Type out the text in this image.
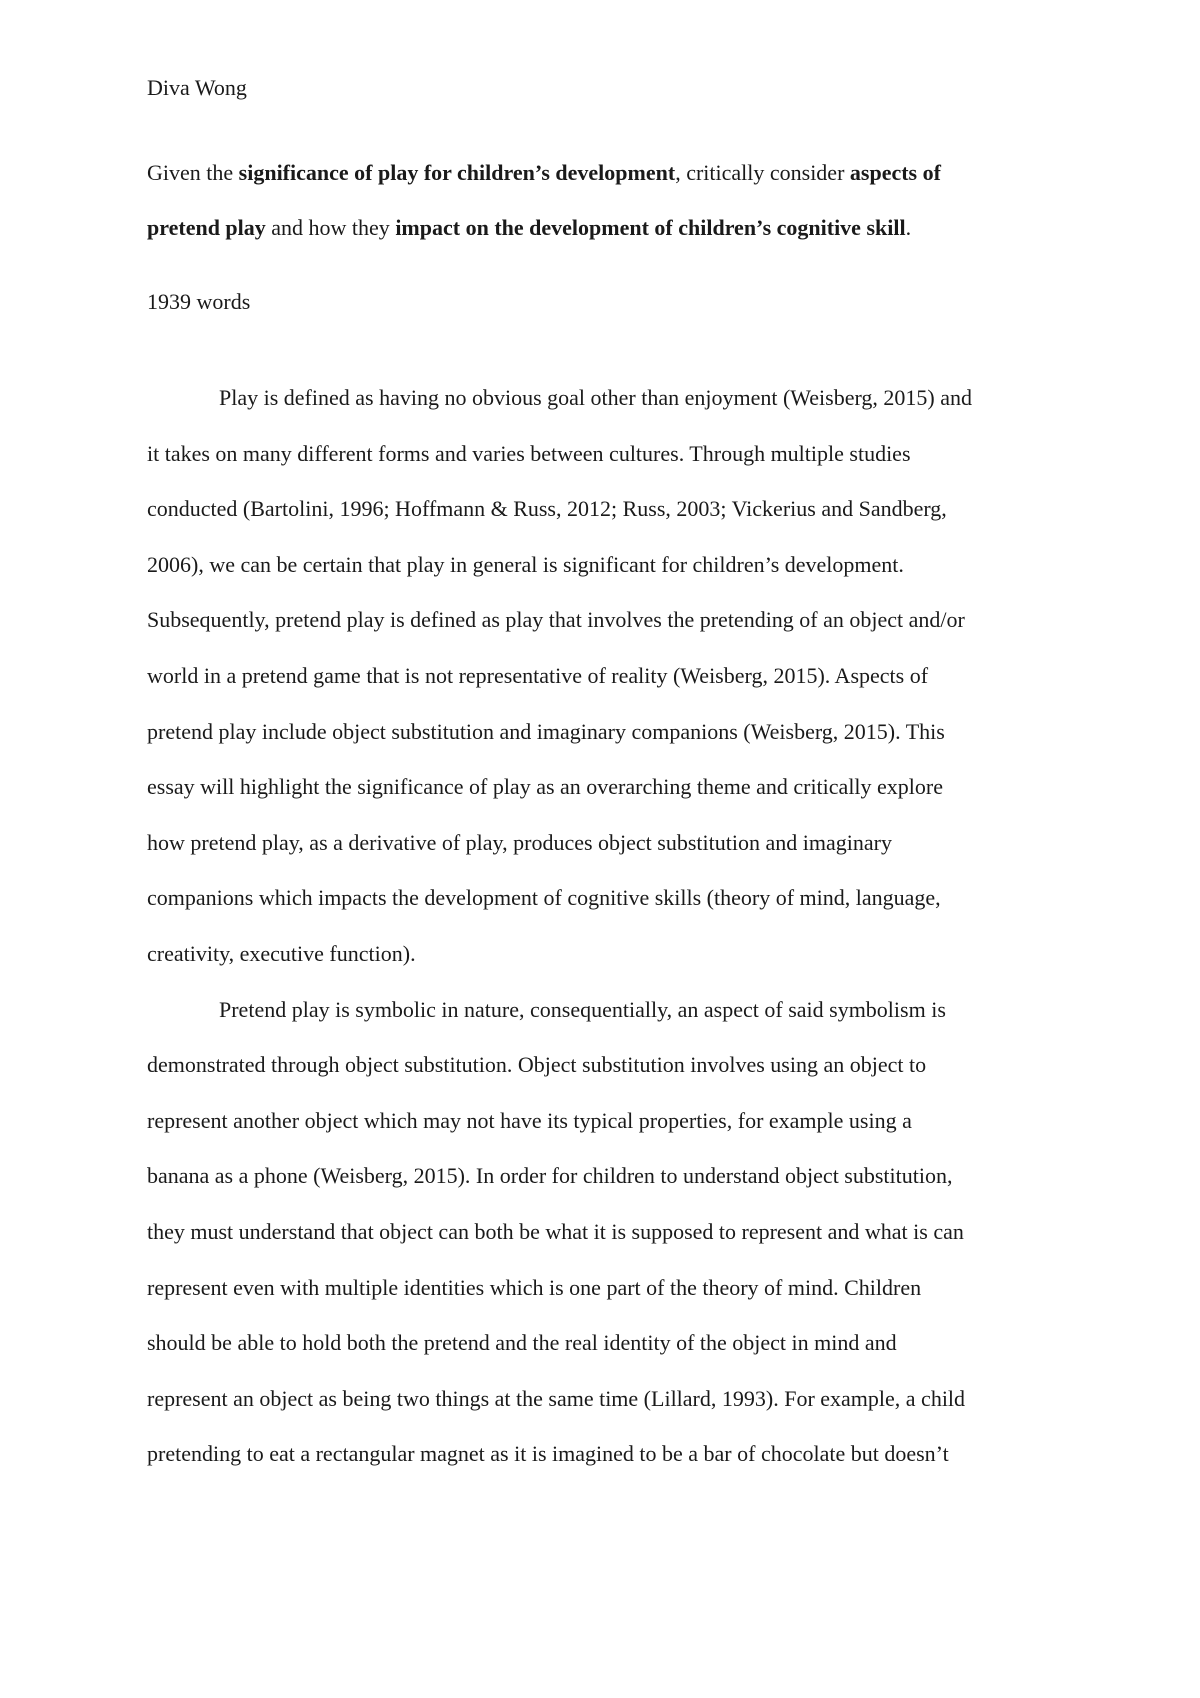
Diva Wong
Given the significance of play for children’s development, critically consider aspects of
pretend play and how they impact on the development of children’s cognitive skill.
1939 words
Play is defined as having no obvious goal other than enjoyment (Weisberg, 2015) and
it takes on many different forms and varies between cultures. Through multiple studies
conducted (Bartolini, 1996; Hoffmann & Russ, 2012; Russ, 2003; Vickerius and Sandberg,
2006), we can be certain that play in general is significant for children’s development.
Subsequently, pretend play is defined as play that involves the pretending of an object and/or
world in a pretend game that is not representative of reality (Weisberg, 2015). Aspects of
pretend play include object substitution and imaginary companions (Weisberg, 2015). This
essay will highlight the significance of play as an overarching theme and critically explore
how pretend play, as a derivative of play, produces object substitution and imaginary
companions which impacts the development of cognitive skills (theory of mind, language,
creativity, executive function).
Pretend play is symbolic in nature, consequentially, an aspect of said symbolism is
demonstrated through object substitution. Object substitution involves using an object to
represent another object which may not have its typical properties, for example using a
banana as a phone (Weisberg, 2015). In order for children to understand object substitution,
they must understand that object can both be what it is supposed to represent and what is can
represent even with multiple identities which is one part of the theory of mind. Children
should be able to hold both the pretend and the real identity of the object in mind and
represent an object as being two things at the same time (Lillard, 1993). For example, a child
pretending to eat a rectangular magnet as it is imagined to be a bar of chocolate but doesn’t
